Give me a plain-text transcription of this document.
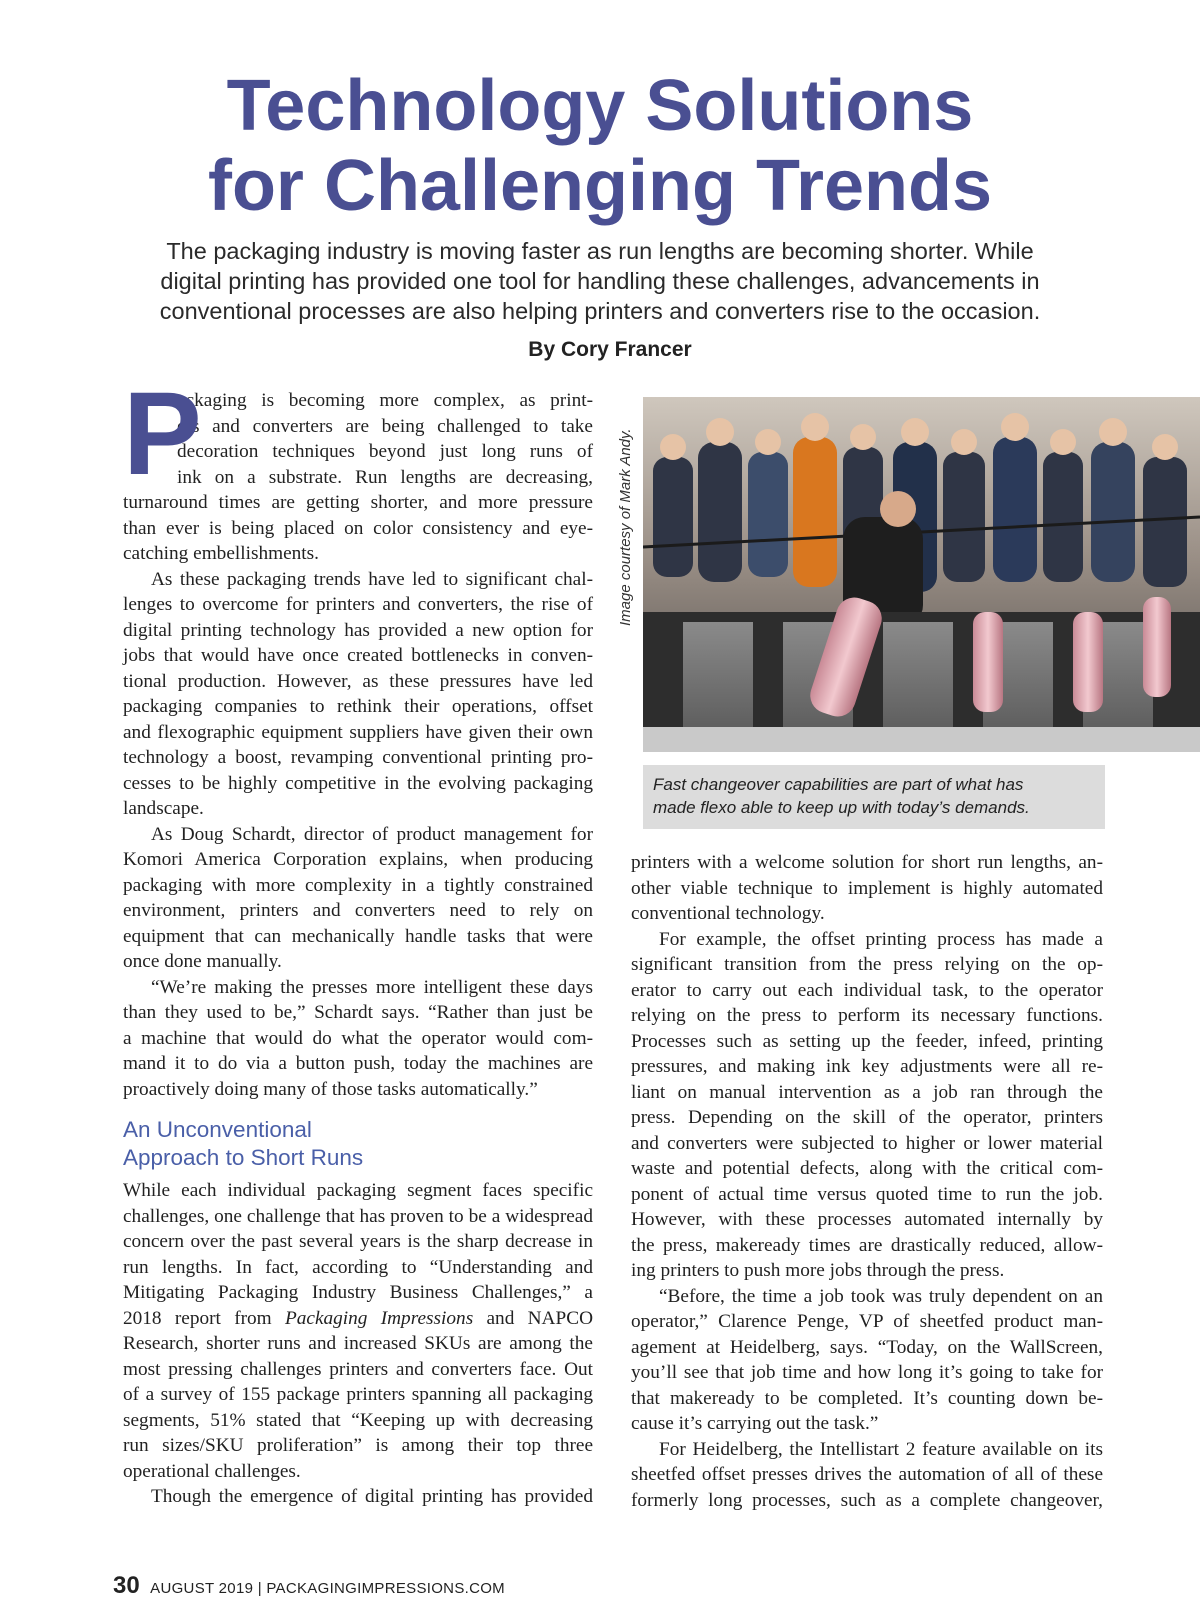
Technology Solutions
for Challenging Trends

The packaging industry is moving faster as run lengths are becoming shorter. While
digital printing has provided one tool for handling these challenges, advancements in
conventional processes are also helping printers and converters rise to the occasion.

By Cory Francer
P
ackaging is becoming more complex, as print-
ers and converters are being challenged to take
decoration techniques beyond just long runs of
ink on a substrate. Run lengths are decreasing,
turnaround times are getting shorter, and more pressure
than ever is being placed on color consistency and eye-
catching embellishments.
As these packaging trends have led to significant chal-
lenges to overcome for printers and converters, the rise of
digital printing technology has provided a new option for
jobs that would have once created bottlenecks in conven-
tional production. However, as these pressures have led
packaging companies to rethink their operations, offset
and flexographic equipment suppliers have given their own
technology a boost, revamping conventional printing pro-
cesses to be highly competitive in the evolving packaging
landscape.
As Doug Schardt, director of product management for
Komori America Corporation explains, when producing
packaging with more complexity in a tightly constrained
environment, printers and converters need to rely on
equipment that can mechanically handle tasks that were
once done manually.
“We’re making the presses more intelligent these days
than they used to be,” Schardt says. “Rather than just be
a machine that would do what the operator would com-
mand it to do via a button push, today the machines are
proactively doing many of those tasks automatically.”
An Unconventional
Approach to Short Runs
While each individual packaging segment faces specific
challenges, one challenge that has proven to be a widespread
concern over the past several years is the sharp decrease in
run lengths. In fact, according to “Understanding and
Mitigating Packaging Industry Business Challenges,” a
2018 report from Packaging Impressions and NAPCO
Research, shorter runs and increased SKUs are among the
most pressing challenges printers and converters face. Out
of a survey of 155 package printers spanning all packaging
segments, 51% stated that “Keeping up with decreasing
run sizes/SKU proliferation” is among their top three
operational challenges.
Though the emergence of digital printing has provided
Image courtesy of Mark Andy.
Fast changeover capabilities are part of what has
made flexo able to keep up with today’s demands.
printers with a welcome solution for short run lengths, an-
other viable technique to implement is highly automated
conventional technology.
For example, the offset printing process has made a
significant transition from the press relying on the op-
erator to carry out each individual task, to the operator
relying on the press to perform its necessary functions.
Processes such as setting up the feeder, infeed, printing
pressures, and making ink key adjustments were all re-
liant on manual intervention as a job ran through the
press. Depending on the skill of the operator, printers
and converters were subjected to higher or lower material
waste and potential defects, along with the critical com-
ponent of actual time versus quoted time to run the job.
However, with these processes automated internally by
the press, makeready times are drastically reduced, allow-
ing printers to push more jobs through the press.
“Before, the time a job took was truly dependent on an
operator,” Clarence Penge, VP of sheetfed product man-
agement at Heidelberg, says. “Today, on the WallScreen,
you’ll see that job time and how long it’s going to take for
that makeready to be completed. It’s counting down be-
cause it’s carrying out the task.”
For Heidelberg, the Intellistart 2 feature available on its
sheetfed offset presses drives the automation of all of these
formerly long processes, such as a complete changeover,
30 AUGUST 2019 | PACKAGINGIMPRESSIONS.COM
